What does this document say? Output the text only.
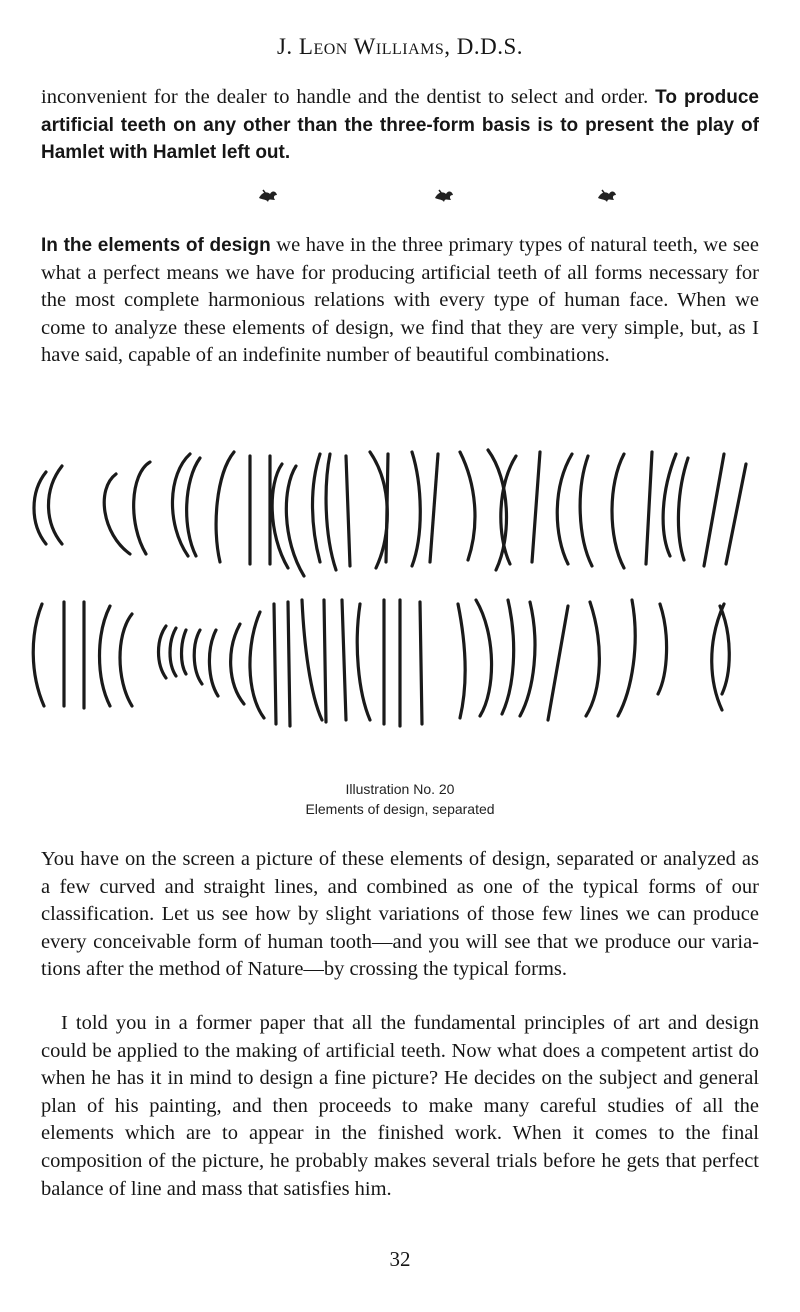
J. Leon Williams, D.D.S.

inconvenient for the dealer to handle and the dentist to select and order. To produce artificial teeth on any other than the three-form basis is to present the play of Hamlet with Hamlet left out.

In the elements of design we have in the three primary types of natural teeth, we see what a perfect means we have for producing artificial teeth of all forms necessary for the most complete harmonious relations with every type of human face. When we come to analyze these elements of design, we find that they are very simple, but, as I have said, capable of an indefinite number of beautiful combinations.

Illustration No. 20
Elements of design, separated

You have on the screen a picture of these elements of design, separated or analyzed as a few curved and straight lines, and combined as one of the typical forms of our classification. Let us see how by slight variations of those few lines we can produce every conceivable form of human tooth—and you will see that we produce our varia-tions after the method of Nature—by crossing the typical forms.

I told you in a former paper that all the fundamental principles of art and design could be applied to the making of artificial teeth. Now what does a competent artist do when he has it in mind to design a fine picture? He decides on the subject and general plan of his painting, and then proceeds to make many careful studies of all the elements which are to appear in the finished work. When it comes to the final composition of the picture, he probably makes several trials before he gets that perfect balance of line and mass that satisfies him.

32
